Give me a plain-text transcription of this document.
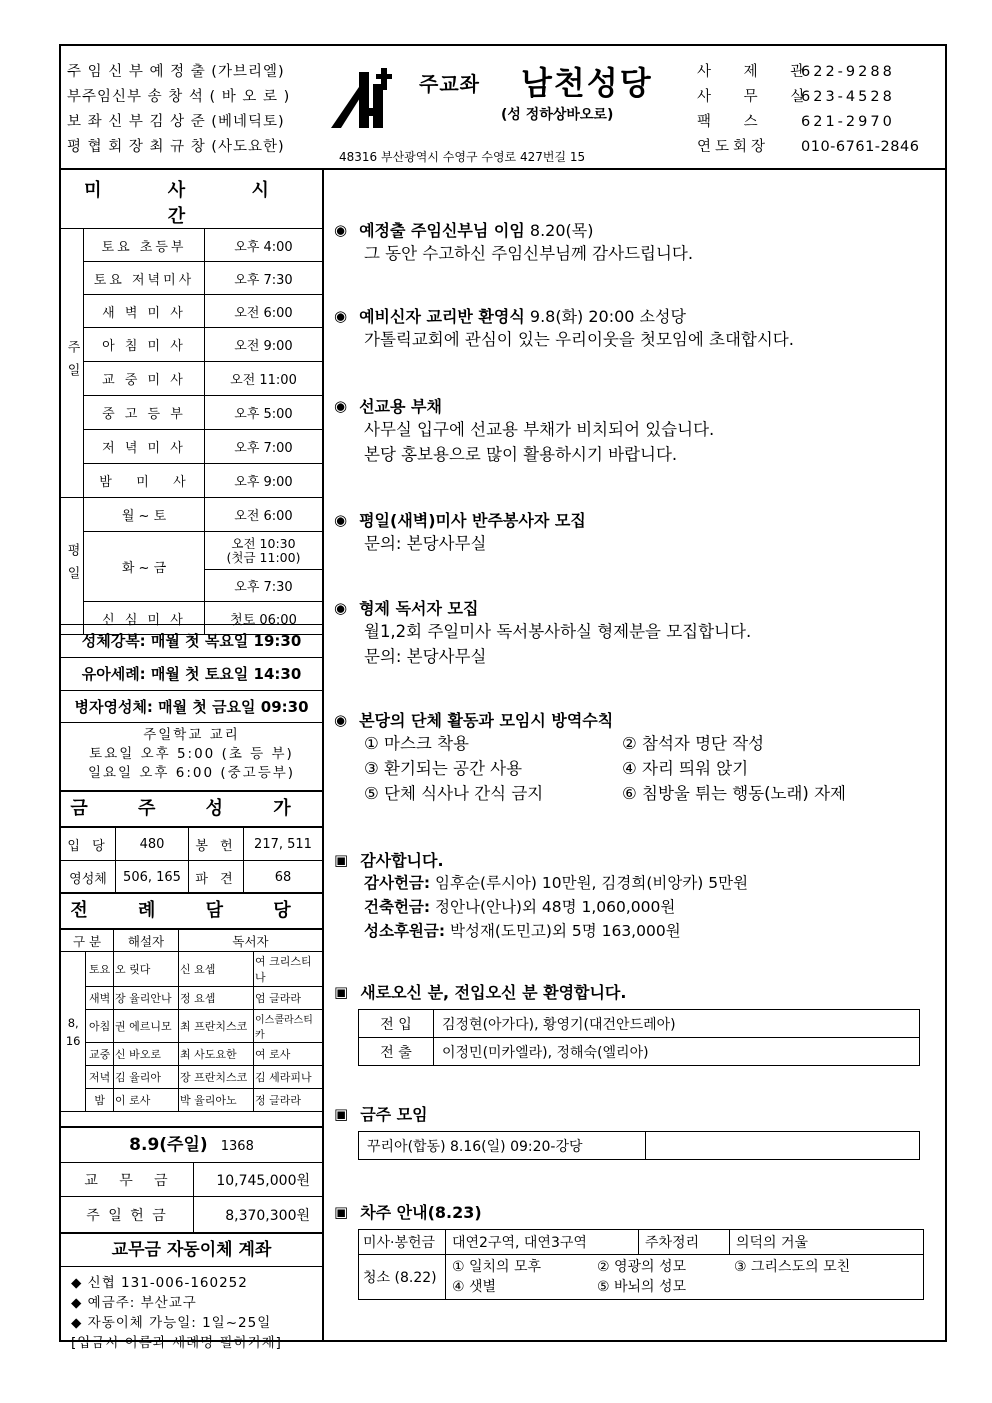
주 임 신 부 예 정 출 (가브리엘)
부주임신부 송 창 석 ( 바 오 로 )
보 좌 신 부 김 상 준 (베네딕토)
평 협 회 장 최 규 창 (사도요한)
주교좌 남천성당
(성 정하상바오로)
48316 부산광역시 수영구 수영로 427번길 15
사 제 관
622-9288
사 무 실
623-4528
팩 스	621-2970
연도회장	010-6761-2846
미 사 시 간		
주일	토요 초등부	오후 4:00
	토요 저녁미사	오후 7:30
	새 벽 미 사	오전 6:00
	아 침 미 사	오전 9:00
	교 중 미 사	오전 11:00
	중 고 등 부	오후 5:00
	저 녁 미 사	오후 7:00
	밤   미   사	오후 9:00
평일	월 ~ 토	오전 6:00
	화 ~ 금	오전 10:30
(첫금 11:00)

		오후 7:30
	신 심 미 사	첫토 06:00
성체강복: 매월 첫 목요일 19:30
유아세례: 매월 첫 토요일 14:30
병자영성체: 매월 첫 금요일 09:30
주일학교 교리
토요일 오후 5:00 (초 등 부)
일요일 오후 6:00 (중고등부)
금 주 성 가
입 당	480	봉 헌	217, 511
영성체	506, 165	파 견	68
전 례 담 당
구 분		해설자	독서자	
8, 16	토요	오 릿다	신 요셉	여 크리스티나
	새벽	장 율리안나	정 요셉	엄 글라라
	아침	권 에르니모	최 프란치스코	이스콜라스티카
	교중	신 바오로	최 사도요한	여 로사
	저녁	김 율리아	장 프란치스코	김 세라피나
	밤	이 로사	박 율리아노	정 글라라
8.9(주일) 1368
교   무   금	10,745,000원
주 일 헌 금	8,370,300원
교무금 자동이체 계좌
◆ 신협 131-006-160252
◆ 예금주: 부산교구
◆ 자동이체 가능일: 1일~25일
[입금시 이름과 세례명 필히기재]
◉ 예정출 주임신부님 이임 8.20(목)
그 동안 수고하신 주임신부님께 감사드립니다.
◉ 예비신자 교리반 환영식 9.8(화) 20:00 소성당
가톨릭교회에 관심이 있는 우리이웃을 첫모임에 초대합시다.
◉ 선교용 부채
사무실 입구에 선교용 부채가 비치되어 있습니다.
본당 홍보용으로 많이 활용하시기 바랍니다.
◉ 평일(새벽)미사 반주봉사자 모집
문의: 본당사무실
◉ 형제 독서자 모집
월1,2회 주일미사 독서봉사하실 형제분을 모집합니다.
문의: 본당사무실
◉ 본당의 단체 활동과 모임시 방역수칙
① 마스크 착용	② 참석자 명단 작성
③ 환기되는 공간 사용	④ 자리 띄워 앉기
⑤ 단체 식사나 간식 금지	⑥ 침방울 튀는 행동(노래) 자제
▣ 감사합니다.
감사헌금: 임후순(루시아) 10만원, 김경희(비앙카) 5만원
건축헌금: 정안나(안나)외 48명 1,060,000원
성소후원금: 박성재(도민고)외 5명 163,000원
▣ 새로오신 분, 전입오신 분 환영합니다.
전 입	김정현(아가다), 황영기(대건안드레아)
전 출	이정민(미카엘라), 정해숙(엘리아)
▣ 금주 모임
꾸리아(합동) 8.16(일) 09:20-강당	
▣ 차주 안내(8.23)
미사·봉헌금	대연2구역, 대연3구역	주차정리	의덕의 거울
청소 (8.22)	① 일치의 모후 ② 영광의 성모 ③ 그리스도의 모친
④ 샛별 ⑤ 바뇌의 성모		
